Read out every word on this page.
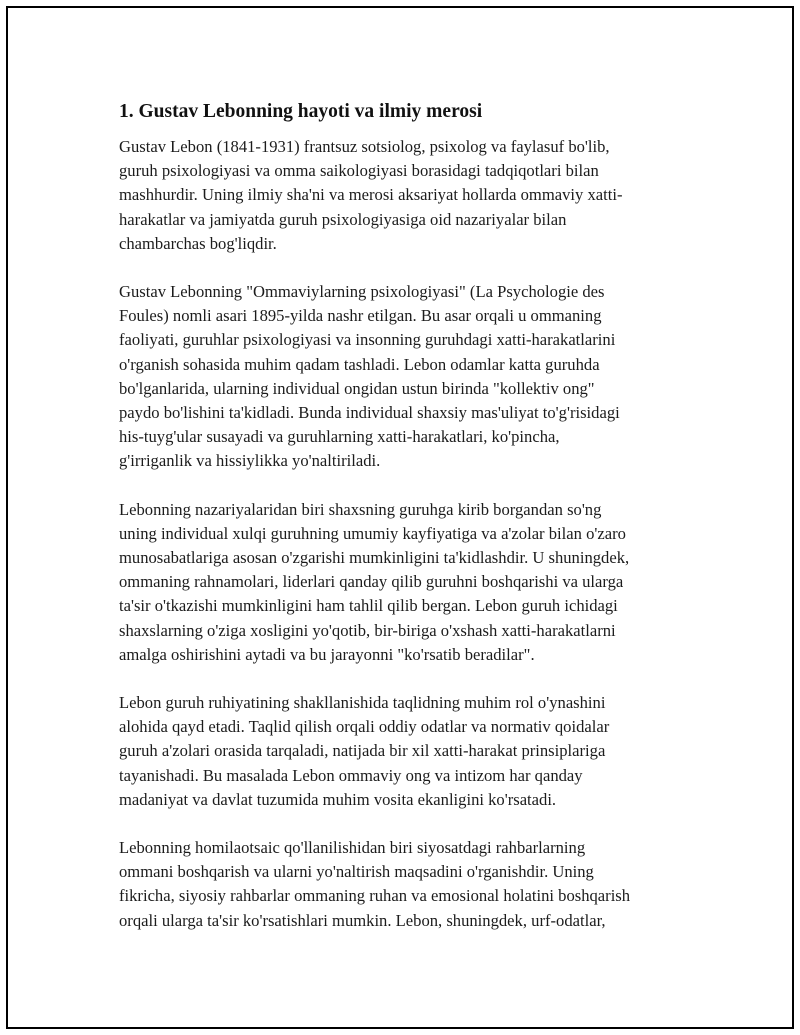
1. Gustav Lebonning hayoti va ilmiy merosi

Gustav Lebon (1841-1931) frantsuz sotsiolog, psixolog va faylasuf bo'lib,
guruh psixologiyasi va omma saikologiyasi borasidagi tadqiqotlari bilan
mashhurdir. Uning ilmiy sha'ni va merosi aksariyat hollarda ommaviy xatti-
harakatlar va jamiyatda guruh psixologiyasiga oid nazariyalar bilan
chambarchas bog'liqdir.

Gustav Lebonning "Ommaviylarning psixologiyasi" (La Psychologie des
Foules) nomli asari 1895-yilda nashr etilgan. Bu asar orqali u ommaning
faoliyati, guruhlar psixologiyasi va insonning guruhdagi xatti-harakatlarini
o'rganish sohasida muhim qadam tashladi. Lebon odamlar katta guruhda
bo'lganlarida, ularning individual ongidan ustun birinda "kollektiv ong"
paydo bo'lishini ta'kidladi. Bunda individual shaxsiy mas'uliyat to'g'risidagi
his-tuyg'ular susayadi va guruhlarning xatti-harakatlari, ko'pincha,
g'irriganlik va hissiylikka yo'naltiriladi.

Lebonning nazariyalaridan biri shaxsning guruhga kirib borgandan so'ng
uning individual xulqi guruhning umumiy kayfiyatiga va a'zolar bilan o'zaro
munosabatlariga asosan o'zgarishi mumkinligini ta'kidlashdir. U shuningdek,
ommaning rahnamolari, liderlari qanday qilib guruhni boshqarishi va ularga
ta'sir o'tkazishi mumkinligini ham tahlil qilib bergan. Lebon guruh ichidagi
shaxslarning o'ziga xosligini yo'qotib, bir-biriga o'xshash xatti-harakatlarni
amalga oshirishini aytadi va bu jarayonni "ko'rsatib beradilar".

Lebon guruh ruhiyatining shakllanishida taqlidning muhim rol o'ynashini
alohida qayd etadi. Taqlid qilish orqali oddiy odatlar va normativ qoidalar
guruh a'zolari orasida tarqaladi, natijada bir xil xatti-harakat prinsiplariga
tayanishadi. Bu masalada Lebon ommaviy ong va intizom har qanday
madaniyat va davlat tuzumida muhim vosita ekanligini ko'rsatadi.

Lebonning homilaotsaic qo'llanilishidan biri siyosatdagi rahbarlarning
ommani boshqarish va ularni yo'naltirish maqsadini o'rganishdir. Uning
fikricha, siyosiy rahbarlar ommaning ruhan va emosional holatini boshqarish
orqali ularga ta'sir ko'rsatishlari mumkin. Lebon, shuningdek, urf-odatlar,
